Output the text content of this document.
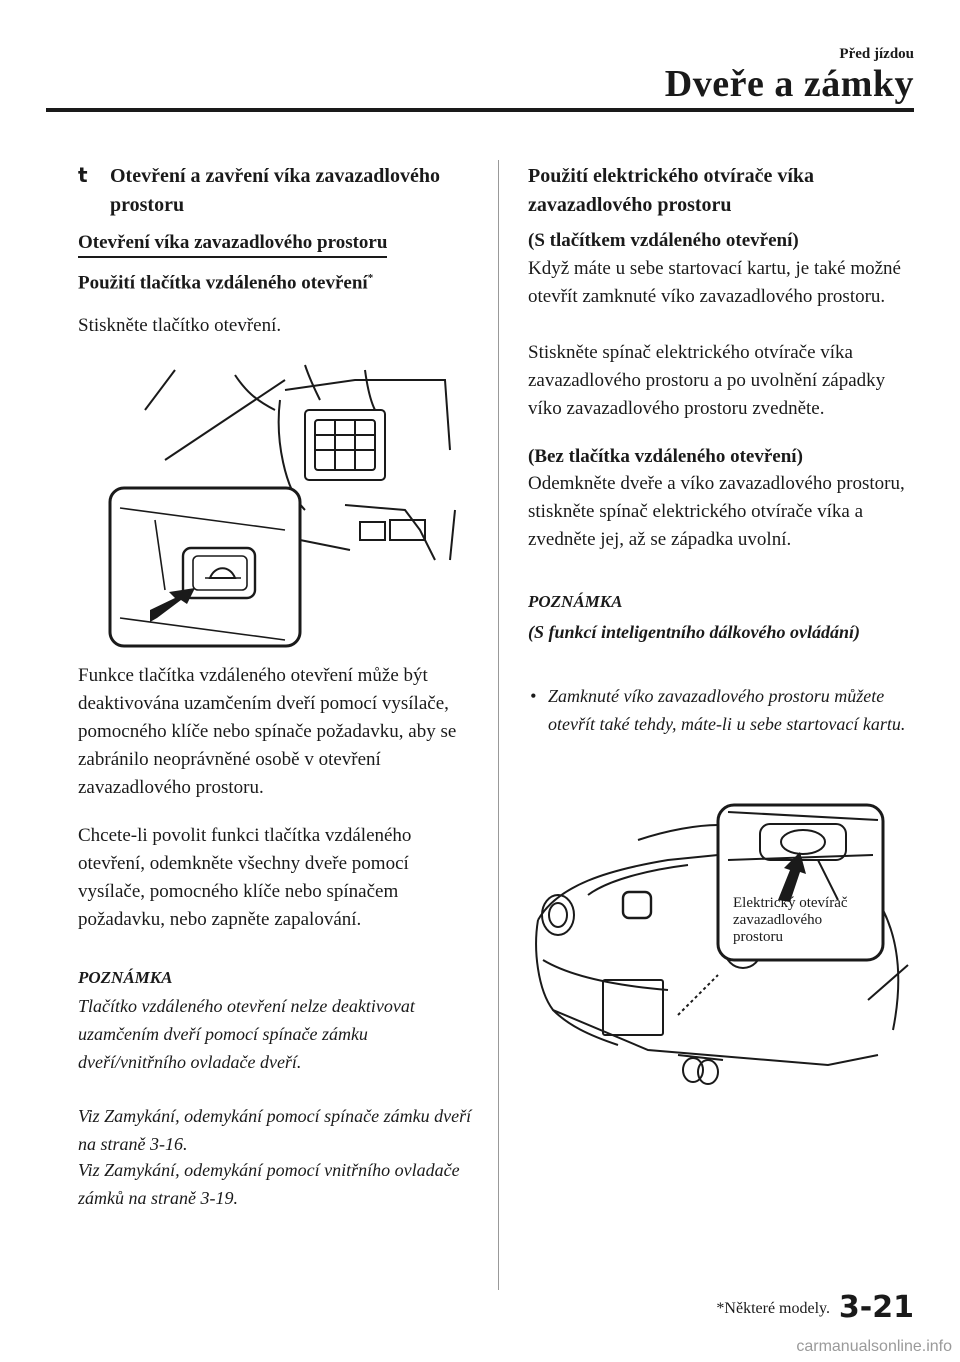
Před jízdou
Dveře a zámky
t Otevření a zavření víka zavazadlového prostoru
Otevření víka zavazadlového prostoru
Použití tlačítka vzdáleného otevření*
Stiskněte tlačítko otevření.
Funkce tlačítka vzdáleného otevření může být deaktivována uzamčením dveří pomocí vysílače, pomocného klíče nebo spínače požadavku, aby se zabránilo neoprávněné osobě v otevření zavazadlového prostoru.
Chcete-li povolit funkci tlačítka vzdáleného otevření, odemkněte všechny dveře pomocí vysílače, pomocného klíče nebo spínačem požadavku, nebo zapněte zapalování.
POZNÁMKA
Tlačítko vzdáleného otevření nelze deaktivovat uzamčením dveří pomocí spínače zámku dveří/vnitřního ovladače dveří.
Viz Zamykání, odemykání pomocí spínače zámku dveří na straně 3-16.
Viz Zamykání, odemykání pomocí vnitřního ovladače zámků na straně 3-19.
Použití elektrického otvírače víka zavazadlového prostoru
(S tlačítkem vzdáleného otevření)
Když máte u sebe startovací kartu, je také možné otevřít zamknuté víko zavazadlového prostoru.
Stiskněte spínač elektrického otvírače víka zavazadlového prostoru a po uvolnění západky víko zavazadlového prostoru zvedněte.
(Bez tlačítka vzdáleného otevření)
Odemkněte dveře a víko zavazadlového prostoru, stiskněte spínač elektrického otvírače víka a zvedněte jej, až se západka uvolní.
POZNÁMKA
(S funkcí inteligentního dálkového ovládání)
• Zamknuté víko zavazadlového prostoru můžete otevřít také tehdy, máte-li u sebe startovací kartu.
Elektrický otevírač
zavazadlového
prostoru
*Některé modely. 3-21
carmanualsonline.info
